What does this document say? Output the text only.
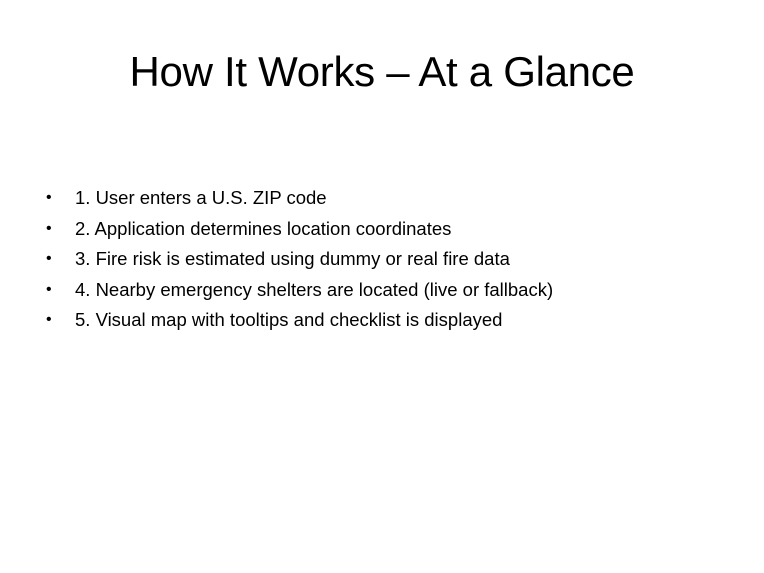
How It Works – At a Glance
• 1. User enters a U.S. ZIP code
• 2. Application determines location coordinates
• 3. Fire risk is estimated using dummy or real fire data
• 4. Nearby emergency shelters are located (live or fallback)
• 5. Visual map with tooltips and checklist is displayed
